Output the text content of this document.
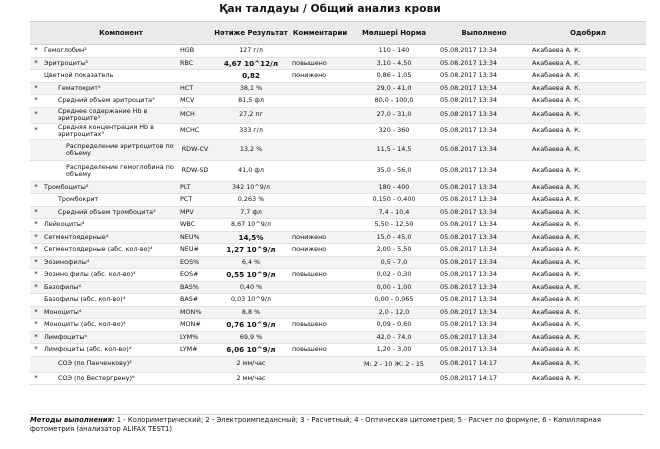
Қан талдауы / Общий анализ крови
Компонент			Нәтиже Результат	Комментарии	Мөлшері Норма	Выполнено	Одобрил
*	Гемоглобин²	HGB	127 г/л		110 - 140	05.08.2017 13:34	Акабаева А. К.
*	Эритроциты²	RBC	4,67 10^12/л	повышено	3,10 - 4,50	05.08.2017 13:34	Акабаева А. К.
	Цветной показатель		0,82	понижено	0,86 - 1,05	05.08.2017 13:34	Акабаева А. К.
*	Гематокрит³	HCT	38,1 %		29,0 - 41,0	05.08.2017 13:34	Акабаева А. К.
*	Средний объем эритроцита³	MCV	81,5 фл		80,0 - 100,0	05.08.2017 13:34	Акабаева А. К.
*	Среднее содержание Hb в эритроците³	MCH	27,2 пг		27,0 - 31,0	05.08.2017 13:34	Акабаева А. К.
*	Средняя концентрация Hb в эритроцитах³	MCHC	333 г/л		320 - 360	05.08.2017 13:34	Акабаева А. К.
	Распределение эритроцитов по объему	RDW-CV	13,2 %		11,5 - 14,5	05.08.2017 13:34	Акабаева А. К.
	Распределение гемоглобина по объему	RDW-SD	41,0 фл		35,0 - 56,0	05.08.2017 13:34	Акабаева А. К.
*	Тромбоциты²	PLT	342 10^9/л		180 - 400	05.08.2017 13:34	Акабаева А. К.
	Тромбокрит	PCT	0,263 %		0,150 - 0,400	05.08.2017 13:34	Акабаева А. К.
*	Средний объем тромбоцита³	MPV	7,7 фл		7,4 - 10,4	05.08.2017 13:34	Акабаева А. К.
*	Лейкоциты⁴	WBC	8,67 10^9/л		5,50 - 12,50	05.08.2017 13:34	Акабаева А. К.
*	Сегментоядерные⁴	NEU%	14,5%	понижено	15,0 - 45,0	05.08.2017 13:34	Акабаева А. К.
*	Сегментоядерные (абс. кол-во)⁴	NEU#	1,27 10^9/л	понижено	2,00 - 5,50	05.08.2017 13:34	Акабаева А. К.
*	Эозинофилы⁴	EOS%	6,4 %		0,5 - 7,0	05.08.2017 13:34	Акабаева А. К.
*	Эозино филы (абс. кол-во)⁴	EOS#	0,55 10^9/л	повышено	0,02 - 0,30	05.08.2017 13:34	Акабаева А. К.
*	Базофилы⁴	BAS%	0,40 %		0,00 - 1,00	05.08.2017 13:34	Акабаева А. К.
	Базофилы (абс. кол-во)⁴	BAS#	0,03 10^9/л		0,00 - 0,065	05.08.2017 13:34	Акабаева А. К.
*	Моноциты⁴	MON%	8,8 %		2,0 - 12,0	05.08.2017 13:34	Акабаева А. К.
*	Моноциты (абс. кол-во)⁴	MON#	0,76 10^9/л	повышено	0,09 - 0,60	05.08.2017 13:34	Акабаева А. К.
*	Лимфоциты⁴	LYM%	69,9 %		42,0 - 74,0	05.08.2017 13:34	Акабаева А. К.
*	Лимфоциты (абс. кол-во)⁴	LYM#	6,06 10^9/л	повышено	1,20 - 3,00	05.08.2017 13:34	Акабаева А. К.
	СОЭ (по Панченкову)²		2 мм/час		М: 2 - 10 Ж: 2 - 15	05.08.2017 14:17	Акабаева А. К.
*	СОЭ (по Вестергрену)⁶		2 мм/час			05.08.2017 14:17	Акабаева А. К.
Методы выполнения: 1 - Колориметрический; 2 - Электроимпедансный; 3 - Расчетный; 4 - Оптическая цитометрия; 5 - Расчет по формуле; 6 - Капиллярная фотометрия (анализатор ALIFAX TEST1)
